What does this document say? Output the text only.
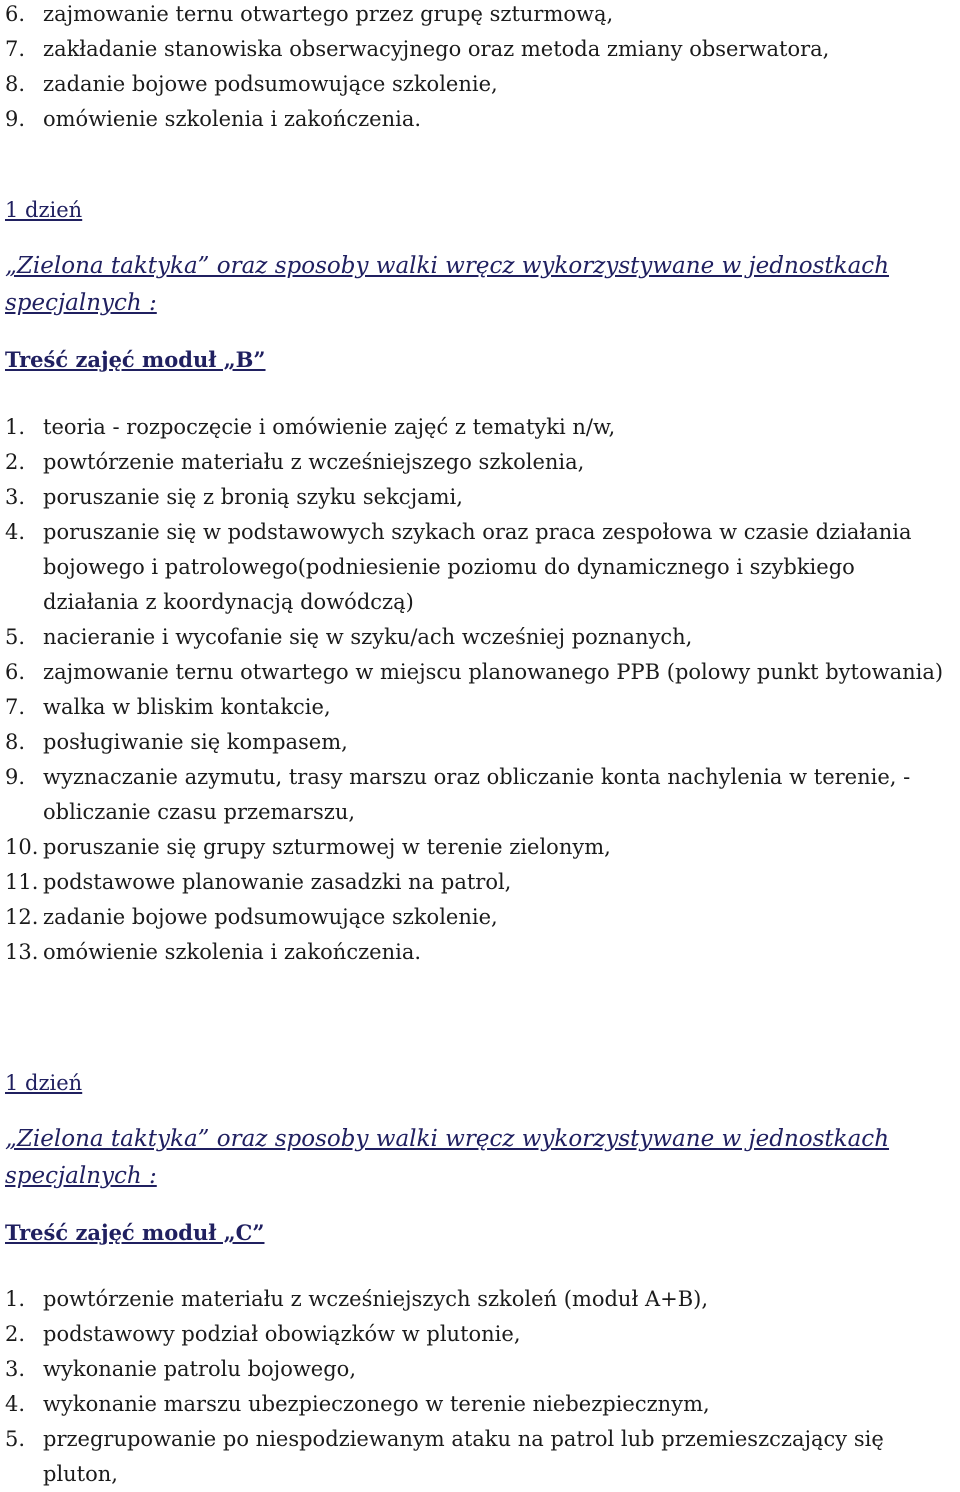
6. zajmowanie ternu otwartego przez grupę szturmową,
7. zakładanie stanowiska obserwacyjnego oraz metoda zmiany obserwatora,
8. zadanie bojowe podsumowujące szkolenie,
9. omówienie szkolenia i zakończenia.
1 dzień
„Zielona taktyka” oraz sposoby walki wręcz wykorzystywane w jednostkach specjalnych :
Treść zajęć moduł „B”
1. teoria - rozpoczęcie i omówienie zajęć z tematyki n/w,
2. powtórzenie materiału z wcześniejszego szkolenia,
3. poruszanie się z bronią szyku sekcjami,
4. poruszanie się w podstawowych szykach oraz praca zespołowa w czasie działania bojowego i patrolowego(podniesienie poziomu do dynamicznego i szybkiego działania z koordynacją dowódczą)
5. nacieranie i wycofanie się w szyku/ach wcześniej poznanych,
6. zajmowanie ternu otwartego w miejscu planowanego PPB (polowy punkt bytowania)
7. walka w bliskim kontakcie,
8. posługiwanie się kompasem,
9. wyznaczanie azymutu, trasy marszu oraz obliczanie konta nachylenia w terenie, - obliczanie czasu przemarszu,
10. poruszanie się grupy szturmowej w terenie zielonym,
11. podstawowe planowanie zasadzki na patrol,
12. zadanie bojowe podsumowujące szkolenie,
13. omówienie szkolenia i zakończenia.
1 dzień
„Zielona taktyka” oraz sposoby walki wręcz wykorzystywane w jednostkach specjalnych :
Treść zajęć moduł „C”
1. powtórzenie materiału z wcześniejszych szkoleń (moduł A+B),
2. podstawowy podział obowiązków w plutonie,
3. wykonanie patrolu bojowego,
4. wykonanie marszu ubezpieczonego w terenie niebezpiecznym,
5. przegrupowanie po niespodziewanym ataku na patrol lub przemieszczający się pluton,
